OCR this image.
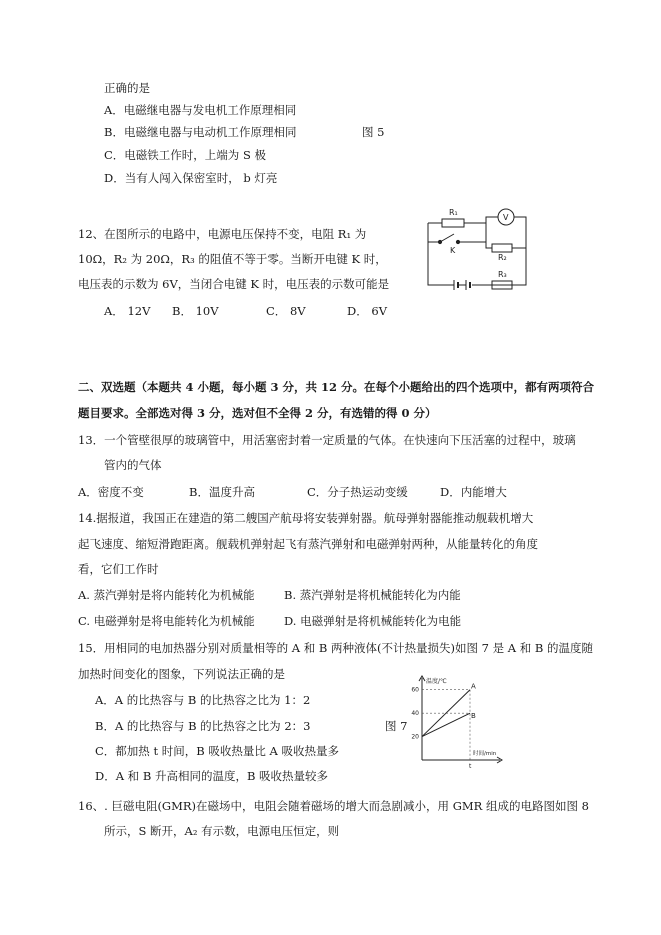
正确的是
A．电磁继电器与发电机工作原理相同
B．电磁继电器与电动机工作原理相同	图 5
C．电磁铁工作时，上端为 S 极
D．当有人闯入保密室时， b 灯亮
12、在图所示的电路中，电源电压保持不变，电阻 R₁ 为
10Ω，R₂ 为 20Ω，R₃ 的阻值不等于零。当断开电键 K 时，
电压表的示数为 6V，当闭合电键 K 时，电压表的示数可能是
A． 12V B． 10V	C． 8V	D． 6V
R₁
V
K
R₂
R₃
二、双选题（本题共 4 小题，每小题 3 分，共 12 分。在每个小题给出的四个选项中，都有两项符合
题目要求。全部选对得 3 分，选对但不全得 2 分，有选错的得 0 分）
13．一个管壁很厚的玻璃管中，用活塞密封着一定质量的气体。在快速向下压活塞的过程中，玻璃
管内的气体
A．密度不变	B．温度升高	C．分子热运动变缓	D．内能增大
14.据报道，我国正在建造的第二艘国产航母将安装弹射器。航母弹射器能推动舰载机增大
起飞速度、缩短滑跑距离。舰载机弹射起飞有蒸汽弹射和电磁弹射两种，从能量转化的角度
看，它们工作时
A. 蒸汽弹射是将内能转化为机械能	B. 蒸汽弹射是将机械能转化为内能
C. 电磁弹射是将电能转化为机械能	D. 电磁弹射是将机械能转化为电能
15．用相同的电加热器分别对质量相等的 A 和 B 两种液体(不计热量损失)如图 7 是 A 和 B 的温度随
加热时间变化的图象，下列说法正确的是
A．A 的比热容与 B 的比热容之比为 1：2
B．A 的比热容与 B 的比热容之比为 2：3	图 7
C．都加热 t 时间，B 吸收热量比 A 吸收热量多
D．A 和 B 升高相同的温度，B 吸收热量较多
温度/℃
时间/min
20
40
60
t
A
B
16、. 巨磁电阻(GMR)在磁场中，电阻会随着磁场的增大而急剧减小，用 GMR 组成的电路图如图 8
所示，S 断开，A₂ 有示数，电源电压恒定，则
